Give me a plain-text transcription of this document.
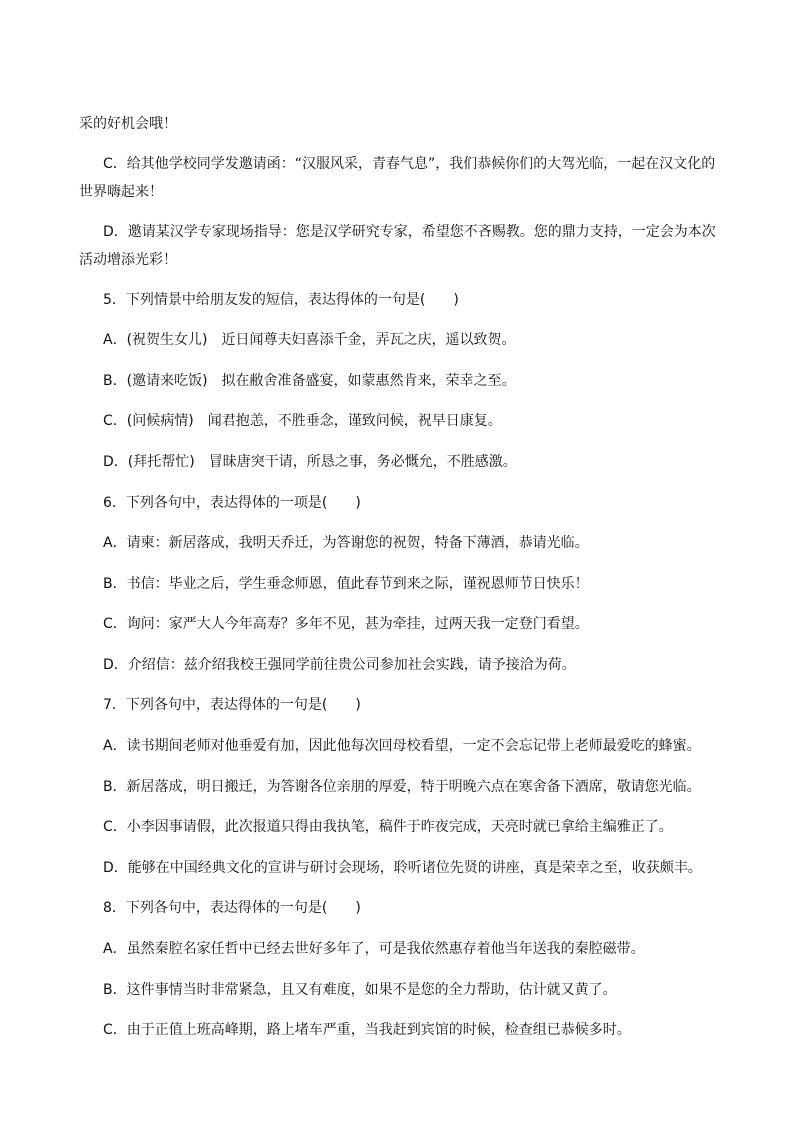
采的好机会哦！
C．给其他学校同学发邀请函：“汉服风采，青春气息”，我们恭候你们的大驾光临，一起在汉文化的
世界嗨起来！
D．邀请某汉学专家现场指导：您是汉学研究专家，希望您不吝赐教。您的鼎力支持，一定会为本次
活动增添光彩！
5．下列情景中给朋友发的短信，表达得体的一句是(　　)
A．(祝贺生女儿)　近日闻尊夫妇喜添千金，弄瓦之庆，遥以致贺。
B．(邀请来吃饭)　拟在敝舍准备盛宴，如蒙惠然肯来，荣幸之至。
C．(问候病情)　闻君抱恙，不胜垂念，谨致问候，祝早日康复。
D．(拜托帮忙)　冒昧唐突干请，所恳之事，务必慨允，不胜感激。
6．下列各句中，表达得体的一项是(　　)
A．请柬：新居落成，我明天乔迁，为答谢您的祝贺，特备下薄酒，恭请光临。
B．书信：毕业之后，学生垂念师恩，值此春节到来之际，谨祝恩师节日快乐！
C．询问：家严大人今年高寿？多年不见，甚为牵挂，过两天我一定登门看望。
D．介绍信：兹介绍我校王强同学前往贵公司参加社会实践，请予接洽为荷。
7．下列各句中，表达得体的一句是(　　)
A．读书期间老师对他垂爱有加，因此他每次回母校看望，一定不会忘记带上老师最爱吃的蜂蜜。
B．新居落成，明日搬迁，为答谢各位亲朋的厚爱，特于明晚六点在寒舍备下酒席，敬请您光临。
C．小李因事请假，此次报道只得由我执笔，稿件于昨夜完成，天亮时就已拿给主编雅正了。
D．能够在中国经典文化的宣讲与研讨会现场，聆听诸位先贤的讲座，真是荣幸之至，收获颇丰。
8．下列各句中，表达得体的一句是(　　)
A．虽然秦腔名家任哲中已经去世好多年了，可是我依然惠存着他当年送我的秦腔磁带。
B．这件事情当时非常紧急，且又有难度，如果不是您的全力帮助，估计就又黄了。
C．由于正值上班高峰期，路上堵车严重，当我赶到宾馆的时候，检查组已恭候多时。
